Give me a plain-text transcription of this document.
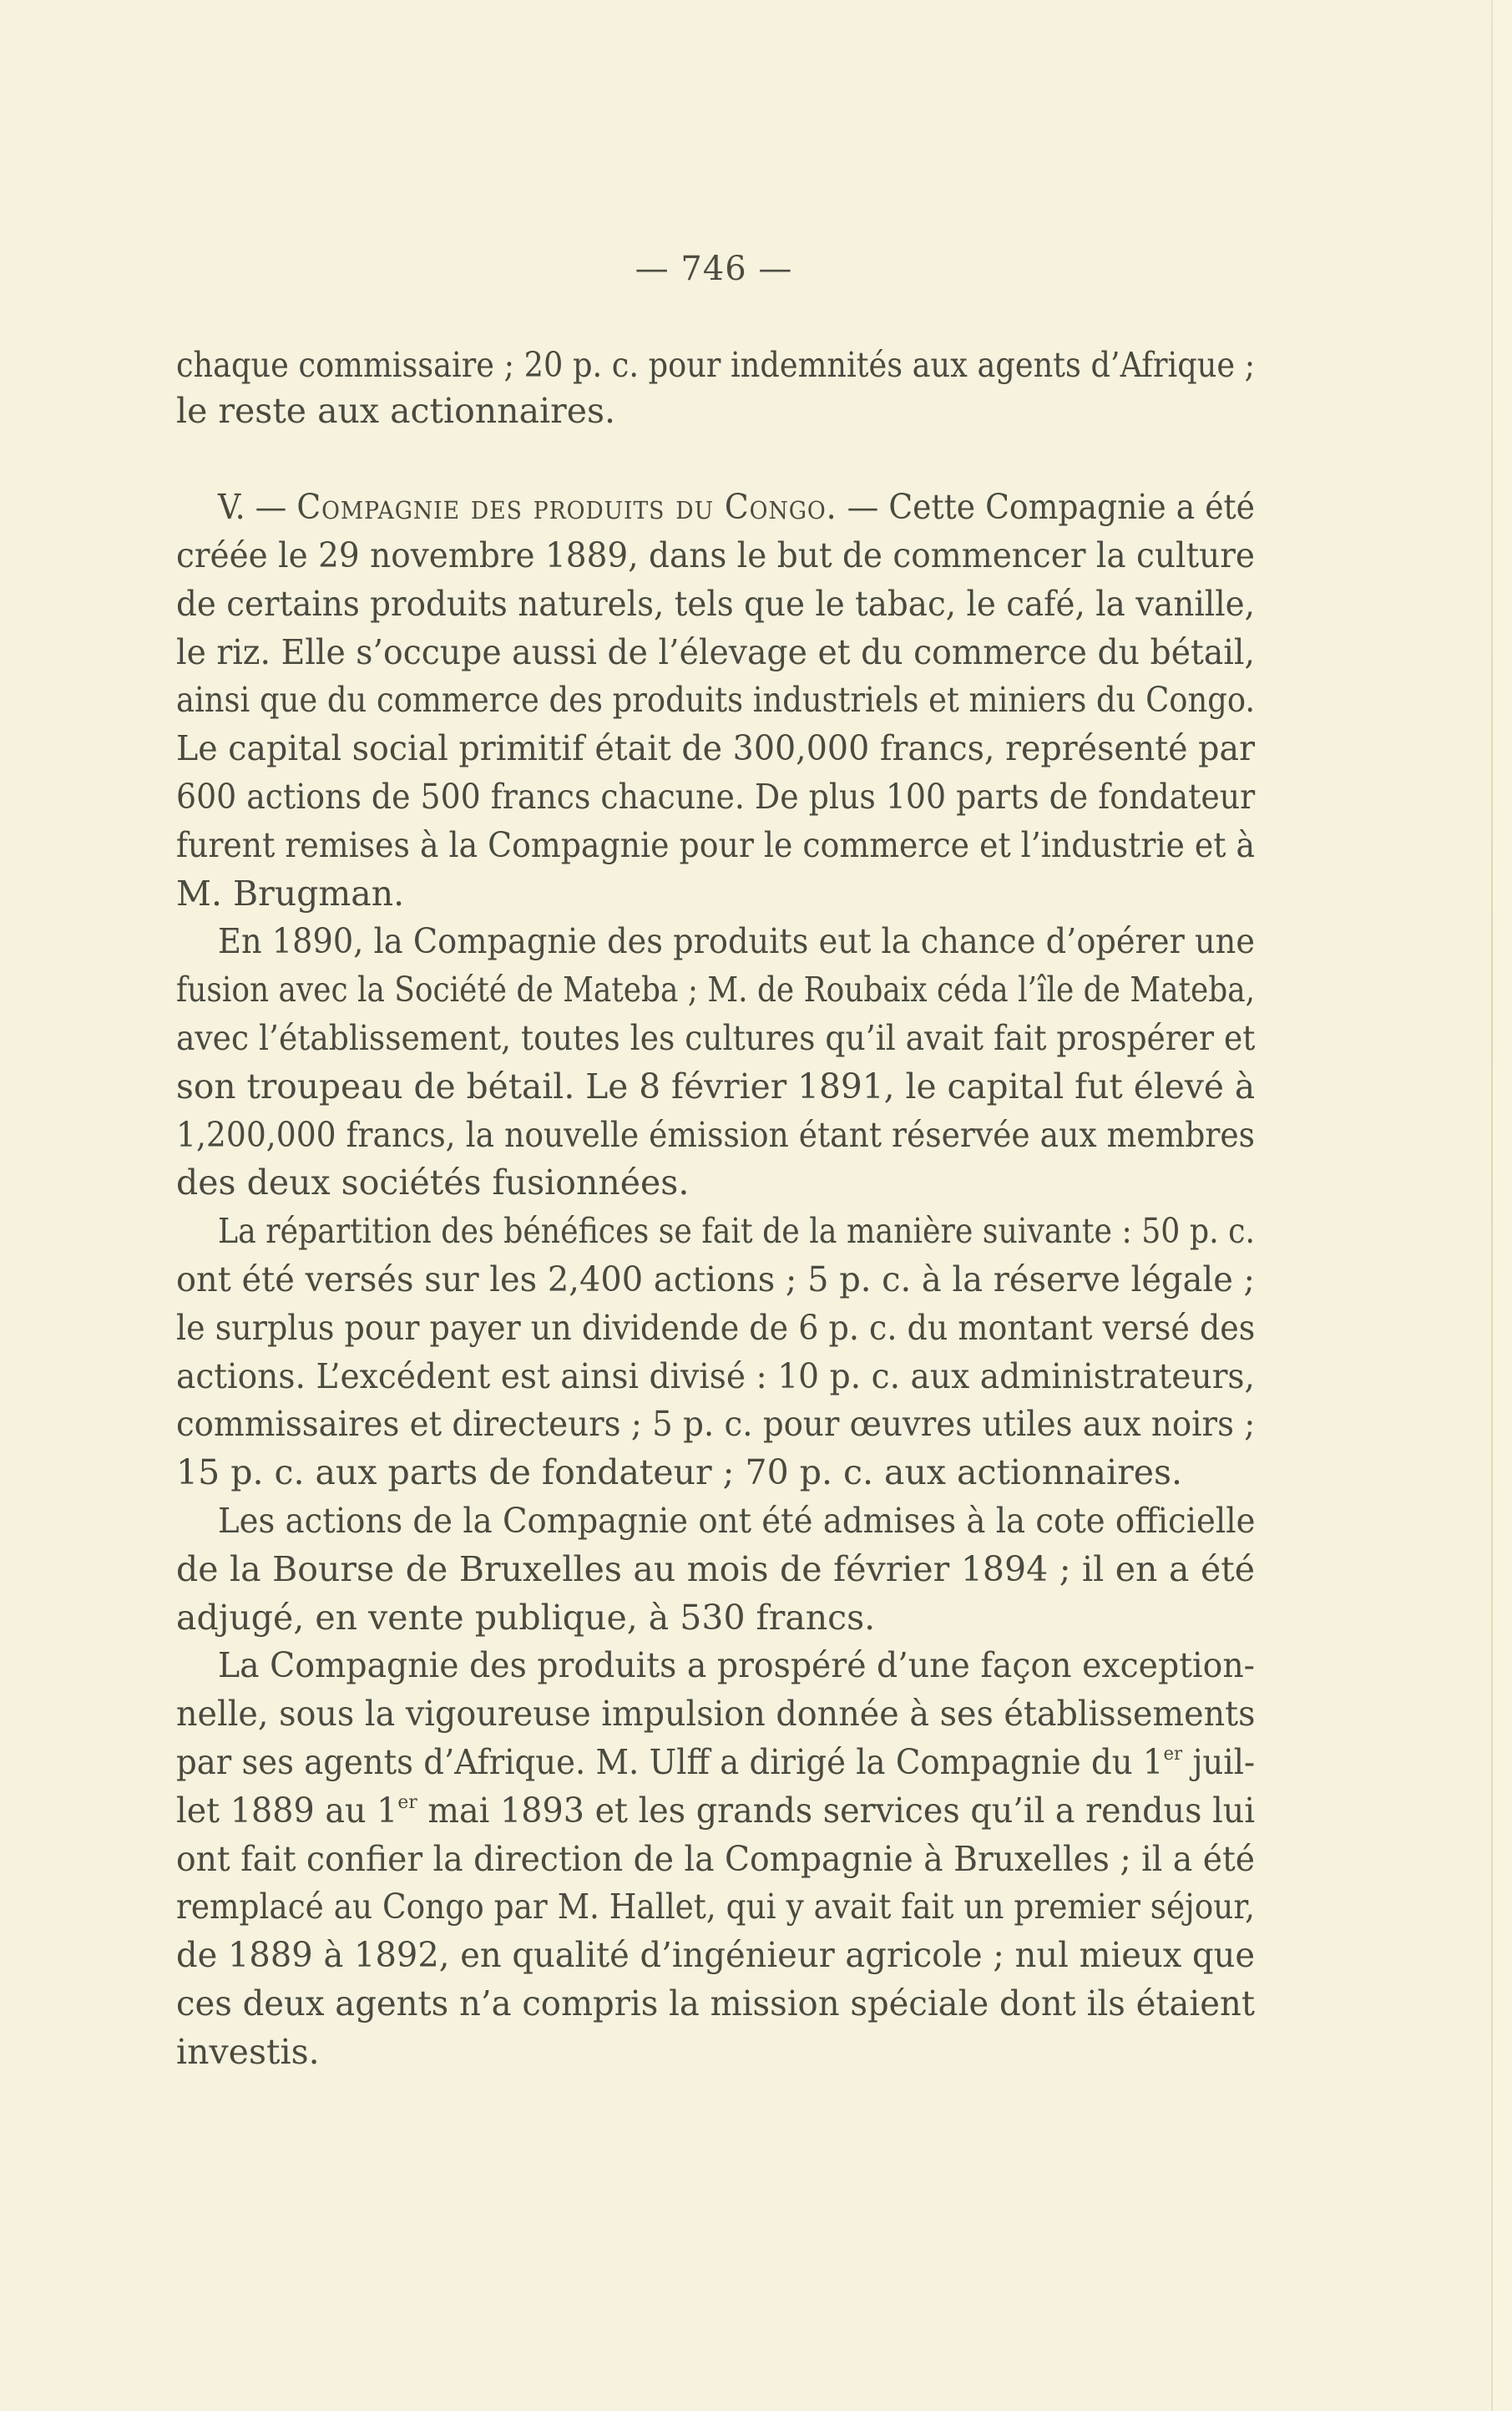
— 746 —
chaque commissaire ; 20 p. c. pour indemnités aux agents d’Afrique ;
le reste aux actionnaires.
V. — Compagnie des produits du Congo. — Cette Compagnie a été
créée le 29 novembre 1889, dans le but de commencer la culture
de certains produits naturels, tels que le tabac, le café, la vanille,
le riz. Elle s’occupe aussi de l’élevage et du commerce du bétail,
ainsi que du commerce des produits industriels et miniers du Congo.
Le capital social primitif était de 300,000 francs, représenté par
600 actions de 500 francs chacune. De plus 100 parts de fondateur
furent remises à la Compagnie pour le commerce et l’industrie et à
M. Brugman.
En 1890, la Compagnie des produits eut la chance d’opérer une
fusion avec la Société de Mateba ; M. de Roubaix céda l’île de Mateba,
avec l’établissement, toutes les cultures qu’il avait fait prospérer et
son troupeau de bétail. Le 8 février 1891, le capital fut élevé à
1,200,000 francs, la nouvelle émission étant réservée aux membres
des deux sociétés fusionnées.
La répartition des bénéfices se fait de la manière suivante : 50 p. c.
ont été versés sur les 2,400 actions ; 5 p. c. à la réserve légale ;
le surplus pour payer un dividende de 6 p. c. du montant versé des
actions. L’excédent est ainsi divisé : 10 p. c. aux administrateurs,
commissaires et directeurs ; 5 p. c. pour œuvres utiles aux noirs ;
15 p. c. aux parts de fondateur ; 70 p. c. aux actionnaires.
Les actions de la Compagnie ont été admises à la cote officielle
de la Bourse de Bruxelles au mois de février 1894 ; il en a été
adjugé, en vente publique, à 530 francs.
La Compagnie des produits a prospéré d’une façon exception-
nelle, sous la vigoureuse impulsion donnée à ses établissements
par ses agents d’Afrique. M. Ulff a dirigé la Compagnie du 1er juil-
let 1889 au 1er mai 1893 et les grands services qu’il a rendus lui
ont fait confier la direction de la Compagnie à Bruxelles ; il a été
remplacé au Congo par M. Hallet, qui y avait fait un premier séjour,
de 1889 à 1892, en qualité d’ingénieur agricole ; nul mieux que
ces deux agents n’a compris la mission spéciale dont ils étaient
investis.
